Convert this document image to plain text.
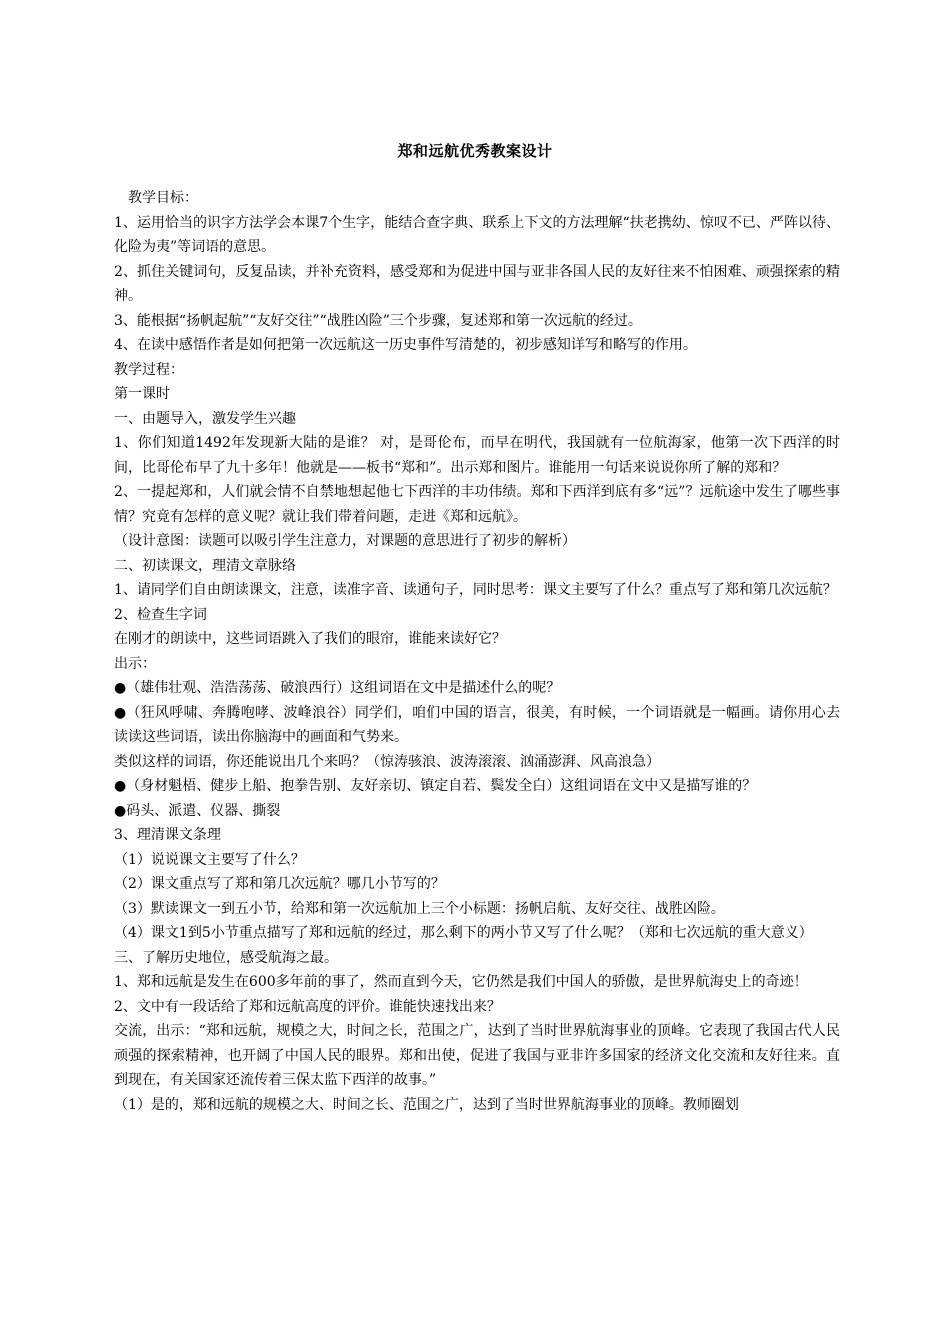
郑和远航优秀教案设计

教学目标：

1、运用恰当的识字方法学会本课7个生字，能结合查字典、联系上下文的方法理解“扶老携幼、惊叹不已、严阵以待、化险为夷”等词语的意思。

2、抓住关键词句，反复品读，并补充资料，感受郑和为促进中国与亚非各国人民的友好往来不怕困难、顽强探索的精神。

3、能根据“扬帆起航”“友好交往”“战胜凶险”三个步骤，复述郑和第一次远航的经过。

4、在读中感悟作者是如何把第一次远航这一历史事件写清楚的，初步感知详写和略写的作用。

教学过程：

第一课时

一、由题导入，激发学生兴趣

1、你们知道1492年发现新大陆的是谁？ 对，是哥伦布，而早在明代，我国就有一位航海家，他第一次下西洋的时间，比哥伦布早了九十多年！他就是——板书“郑和”。出示郑和图片。谁能用一句话来说说你所了解的郑和？

2、一提起郑和，人们就会情不自禁地想起他七下西洋的丰功伟绩。郑和下西洋到底有多“远”？远航途中发生了哪些事情？究竟有怎样的意义呢？就让我们带着问题，走进《郑和远航》。

（设计意图：读题可以吸引学生注意力，对课题的意思进行了初步的解析）

二、初读课文，理清文章脉络

1、请同学们自由朗读课文，注意，读准字音、读通句子，同时思考：课文主要写了什么？重点写了郑和第几次远航？

2、检查生字词

在刚才的朗读中，这些词语跳入了我们的眼帘，谁能来读好它？

出示：

●（雄伟壮观、浩浩荡荡、破浪西行）这组词语在文中是描述什么的呢？

●（狂风呼啸、奔腾咆哮、波峰浪谷）同学们，咱们中国的语言，很美，有时候，一个词语就是一幅画。请你用心去读读这些词语，读出你脑海中的画面和气势来。

类似这样的词语，你还能说出几个来吗？（惊涛骇浪、波涛滚滚、汹涌澎湃、风高浪急）

●（身材魁梧、健步上船、抱拳告别、友好亲切、镇定自若、鬓发全白）这组词语在文中又是描写谁的？

●码头、派遣、仪器、撕裂

3、理清课文条理

（1）说说课文主要写了什么？

（2）课文重点写了郑和第几次远航？哪几小节写的？

（3）默读课文一到五小节，给郑和第一次远航加上三个小标题：扬帆启航、友好交往、战胜凶险。

（4）课文1到5小节重点描写了郑和远航的经过，那么剩下的两小节又写了什么呢？（郑和七次远航的重大意义）

三、了解历史地位，感受航海之最。

1、郑和远航是发生在600多年前的事了，然而直到今天，它仍然是我们中国人的骄傲，是世界航海史上的奇迹！

2、文中有一段话给了郑和远航高度的评价。谁能快速找出来？

交流，出示：“郑和远航，规模之大，时间之长，范围之广，达到了当时世界航海事业的顶峰。它表现了我国古代人民顽强的探索精神，也开阔了中国人民的眼界。郑和出使，促进了我国与亚非许多国家的经济文化交流和友好往来。直到现在，有关国家还流传着三保太监下西洋的故事。”

（1）是的，郑和远航的规模之大、时间之长、范围之广，达到了当时世界航海事业的顶峰。教师圈划
